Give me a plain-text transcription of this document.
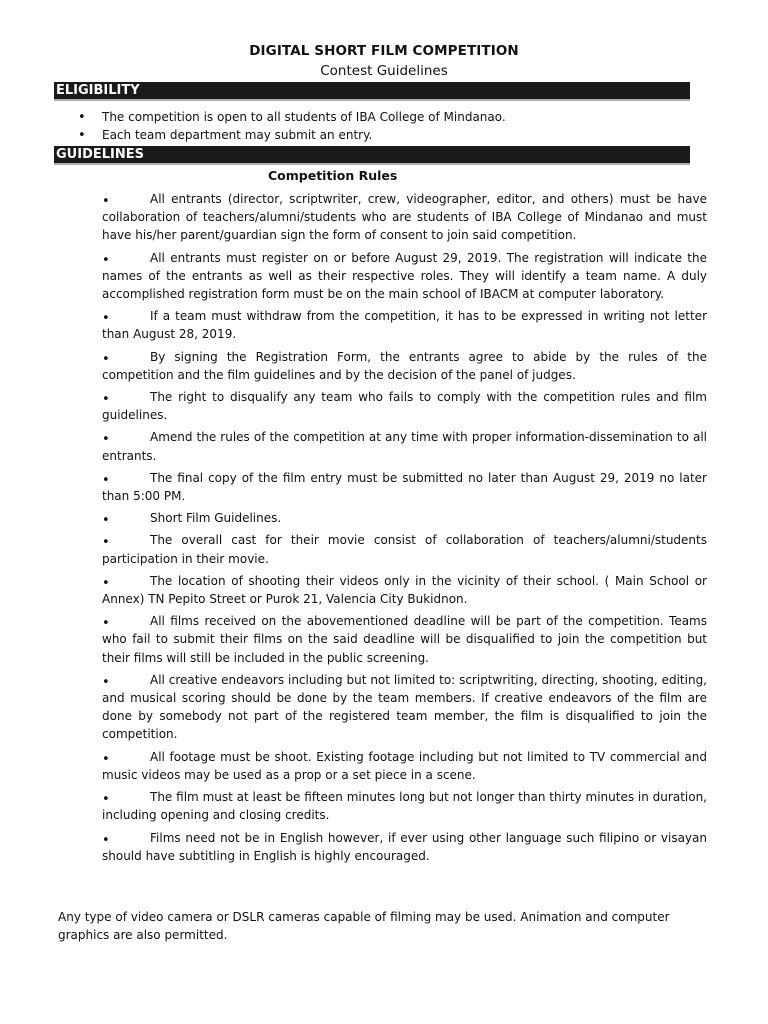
DIGITAL SHORT FILM COMPETITION
Contest Guidelines
ELIGIBILITY
• The competition is open to all students of IBA College of Mindanao.
• Each team department may submit an entry.
GUIDELINES
Competition Rules
•	All entrants (director, scriptwriter, crew, videographer, editor, and others) must be have collaboration of teachers/alumni/students who are students of IBA College of Mindanao and must have his/her parent/guardian sign the form of consent to join said competition.
•	All entrants must register on or before August 29, 2019. The registration will indicate the names of the entrants as well as their respective roles. They will identify a team name. A duly accomplished registration form must be on the main school of IBACM at computer laboratory.
•	If a team must withdraw from the competition, it has to be expressed in writing not letter than August 28, 2019.
•	By signing the Registration Form, the entrants agree to abide by the rules of the competition and the film guidelines and by the decision of the panel of judges.
•	The right to disqualify any team who fails to comply with the competition rules and film guidelines.
•	Amend the rules of the competition at any time with proper information-dissemination to all entrants.
•	The final copy of the film entry must be submitted no later than August 29, 2019 no later than 5:00 PM.
•	Short Film Guidelines.
•	The overall cast for their movie consist of collaboration of teachers/alumni/students participation in their movie.
•	The location of shooting their videos only in the vicinity of their school. ( Main School or Annex) TN Pepito Street or Purok 21, Valencia City Bukidnon.
•	All films received on the abovementioned deadline will be part of the competition. Teams who fail to submit their films on the said deadline will be disqualified to join the competition but their films will still be included in the public screening.
•	All creative endeavors including but not limited to: scriptwriting, directing, shooting, editing, and musical scoring should be done by the team members. If creative endeavors of the film are done by somebody not part of the registered team member, the film is disqualified to join the competition.
•	All footage must be shoot. Existing footage including but not limited to TV commercial and music videos may be used as a prop or a set piece in a scene.
•	The film must at least be fifteen minutes long but not longer than thirty minutes in duration, including opening and closing credits.
•	Films need not be in English however, if ever using other language such filipino or visayan should have subtitling in English is highly encouraged.
Any type of video camera or DSLR cameras capable of filming may be used. Animation and computer graphics are also permitted.
